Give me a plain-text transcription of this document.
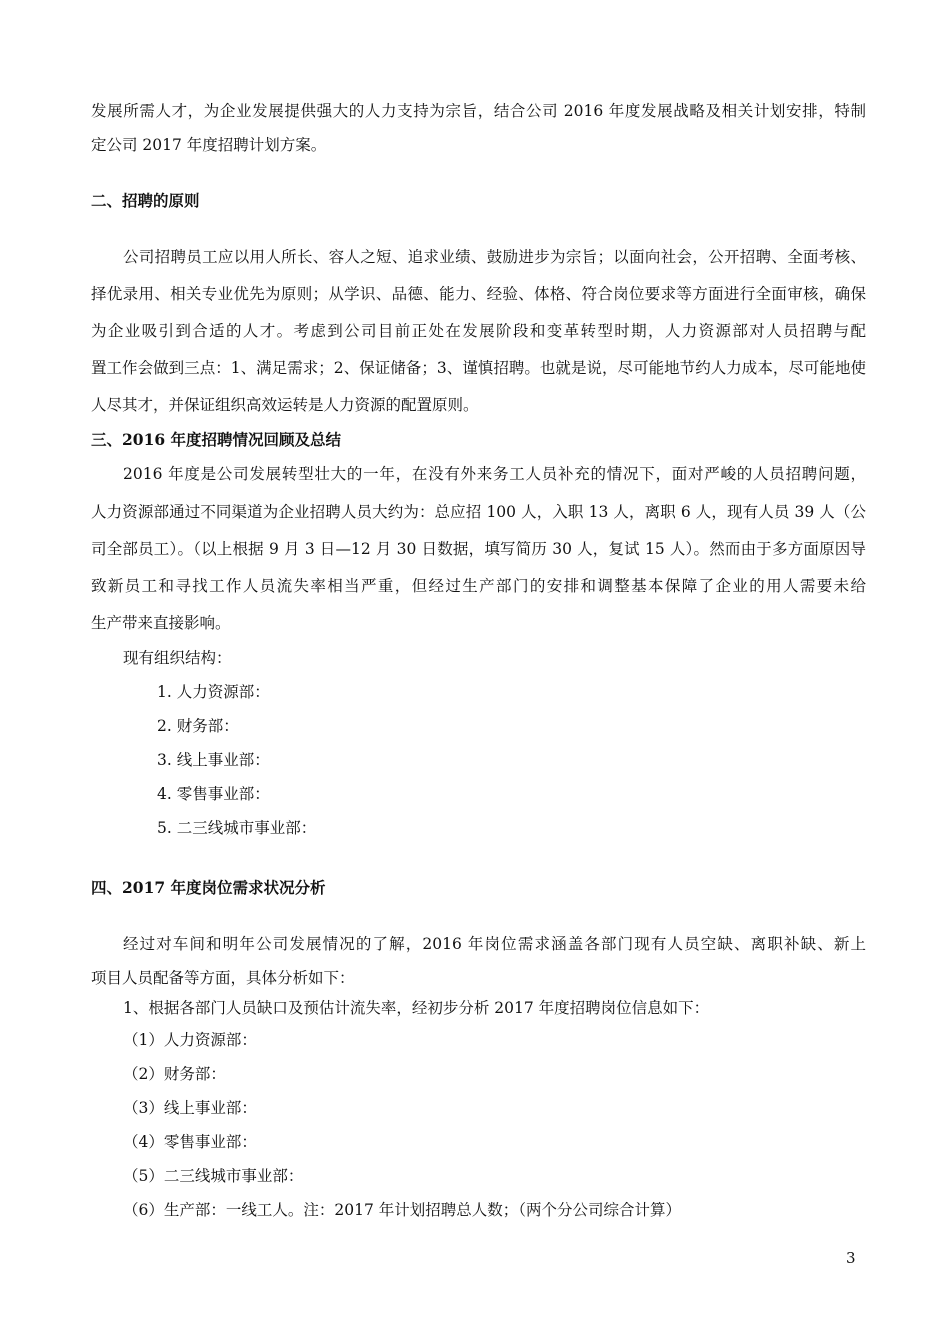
发展所需人才，为企业发展提供强大的人力支持为宗旨，结合公司 2016 年度发展战略及相关计划安排，特制
定公司 2017 年度招聘计划方案。
二、招聘的原则
公司招聘员工应以用人所长、容人之短、追求业绩、鼓励进步为宗旨；以面向社会，公开招聘、全面考核、
择优录用、相关专业优先为原则；从学识、品德、能力、经验、体格、符合岗位要求等方面进行全面审核，确保
为企业吸引到合适的人才。考虑到公司目前正处在发展阶段和变革转型时期，人力资源部对人员招聘与配
置工作会做到三点：1、满足需求；2、保证储备；3、谨慎招聘。也就是说，尽可能地节约人力成本，尽可能地使
人尽其才，并保证组织高效运转是人力资源的配置原则。
三、2016 年度招聘情况回顾及总结
2016 年度是公司发展转型壮大的一年，在没有外来务工人员补充的情况下，面对严峻的人员招聘问题，
人力资源部通过不同渠道为企业招聘人员大约为：总应招 100 人，入职 13 人，离职 6 人，现有人员 39 人（公
司全部员工）。（以上根据 9 月 3 日—12 月 30 日数据，填写简历 30 人，复试 15 人）。然而由于多方面原因导
致新员工和寻找工作人员流失率相当严重，但经过生产部门的安排和调整基本保障了企业的用人需要未给
生产带来直接影响。
现有组织结构：
1. 人力资源部：
2. 财务部：
3. 线上事业部：
4. 零售事业部：
5. 二三线城市事业部：
四、2017 年度岗位需求状况分析
经过对车间和明年公司发展情况的了解，2016 年岗位需求涵盖各部门现有人员空缺、离职补缺、新上
项目人员配备等方面，具体分析如下：
1、根据各部门人员缺口及预估计流失率，经初步分析 2017 年度招聘岗位信息如下：
（1）人力资源部：
（2）财务部：
（3）线上事业部：
（4）零售事业部：
（5）二三线城市事业部：
（6）生产部：一线工人。注：2017 年计划招聘总人数；（两个分公司综合计算）
3
